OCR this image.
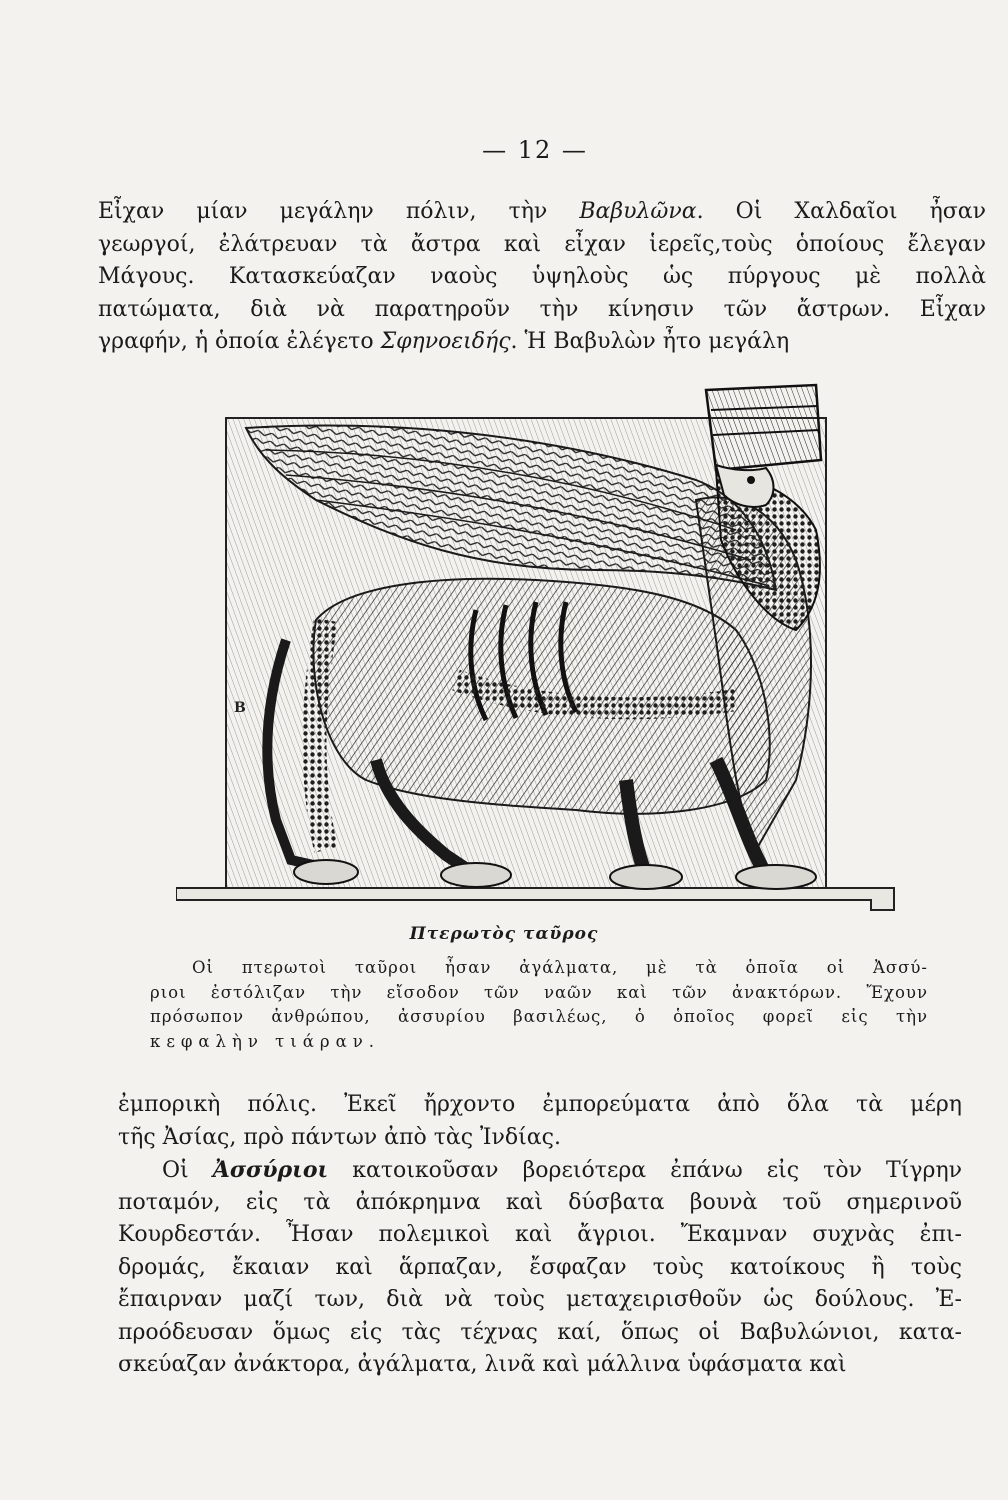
— 12 —
Εἶχαν μίαν μεγάλην πόλιν, τὴν Βαβυλῶνα. Οἱ Χαλδαῖοι ἦσαν
γεωργοί, ἐλάτρευαν τὰ ἄστρα καὶ εἶχαν ἱερεῖς,τοὺς ὁποίους ἔλεγαν
Μάγους. Κατασκεύαζαν ναοὺς ὑψηλοὺς ὡς πύργους μὲ πολλὰ
πατώματα, διὰ νὰ παρατηροῦν τὴν κίνησιν τῶν ἄστρων. Εἶχαν
γραφήν, ἡ ὁποία ἐλέγετο Σφηνοειδής. Ἡ Βαβυλὼν ἦτο μεγάλη
B
Πτερωτὸς ταῦρος
Οἱ πτερωτοὶ ταῦροι ἦσαν ἀγάλματα, μὲ τὰ ὁποῖα οἱ Ἀσσύ-
ριοι ἐστόλιζαν τὴν εἴσοδον τῶν ναῶν καὶ τῶν ἀνακτόρων. Ἔχουν
πρόσωπον ἀνθρώπου, ἀσσυρίου βασιλέως, ὁ ὁποῖος φορεῖ εἰς τὴν
κεφαλὴν τιάραν.
ἐμπορικὴ πόλις. Ἐκεῖ ἤρχοντο ἐμπορεύματα ἀπὸ ὅλα τὰ μέρη
τῆς Ἀσίας, πρὸ πάντων ἀπὸ τὰς Ἰνδίας.
Οἱ Ἀσσύριοι κατοικοῦσαν βορειότερα ἐπάνω εἰς τὸν Τίγρην
ποταμόν, εἰς τὰ ἀπόκρημνα καὶ δύσβατα βουνὰ τοῦ σημερινοῦ
Κουρδεστάν. Ἦσαν πολεμικοὶ καὶ ἄγριοι. Ἔκαμναν συχνὰς ἐπι-
δρομάς, ἔκαιαν καὶ ἅρπαζαν, ἔσφαζαν τοὺς κατοίκους ἢ τοὺς
ἔπαιρναν μαζί των, διὰ νὰ τοὺς μεταχειρισθοῦν ὡς δούλους. Ἐ-
προόδευσαν ὅμως εἰς τὰς τέχνας καί, ὅπως οἱ Βαβυλώνιοι, κατα-
σκεύαζαν ἀνάκτορα, ἀγάλματα, λινᾶ καὶ μάλλινα ὑφάσματα καὶ
